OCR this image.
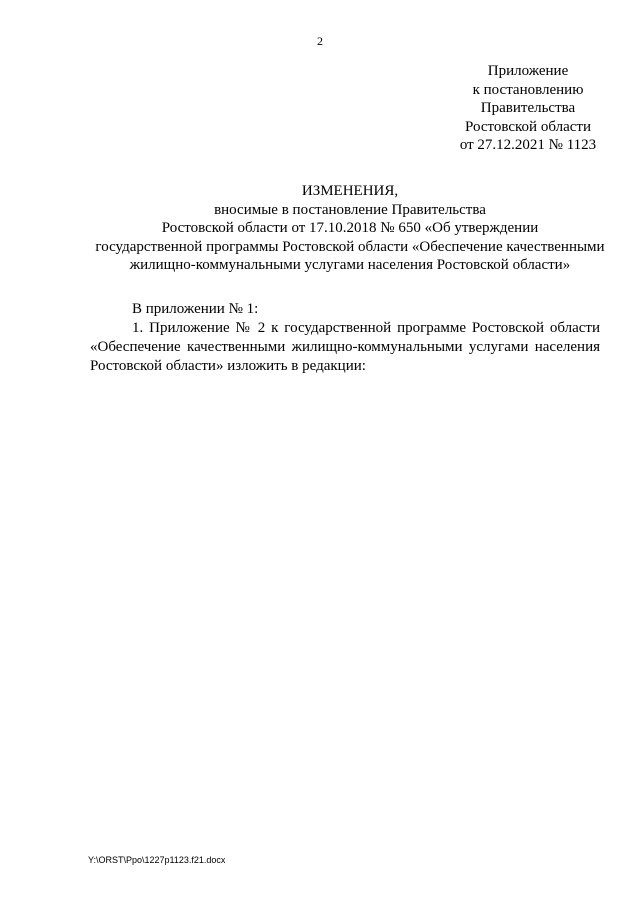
2
Приложение
к постановлению
Правительства
Ростовской области
от 27.12.2021 № 1123
ИЗМЕНЕНИЯ,
вносимые в постановление Правительства
Ростовской области от 17.10.2018 № 650 «Об утверждении
государственной программы Ростовской области «Обеспечение качественными
жилищно-коммунальными услугами населения Ростовской области»

В приложении № 1:

1. Приложение № 2 к государственной программе Ростовской области «Обеспечение качественными жилищно-коммунальными услугами населения Ростовской области» изложить в редакции:

Y:\ORST\Ppo\1227p1123.f21.docx
